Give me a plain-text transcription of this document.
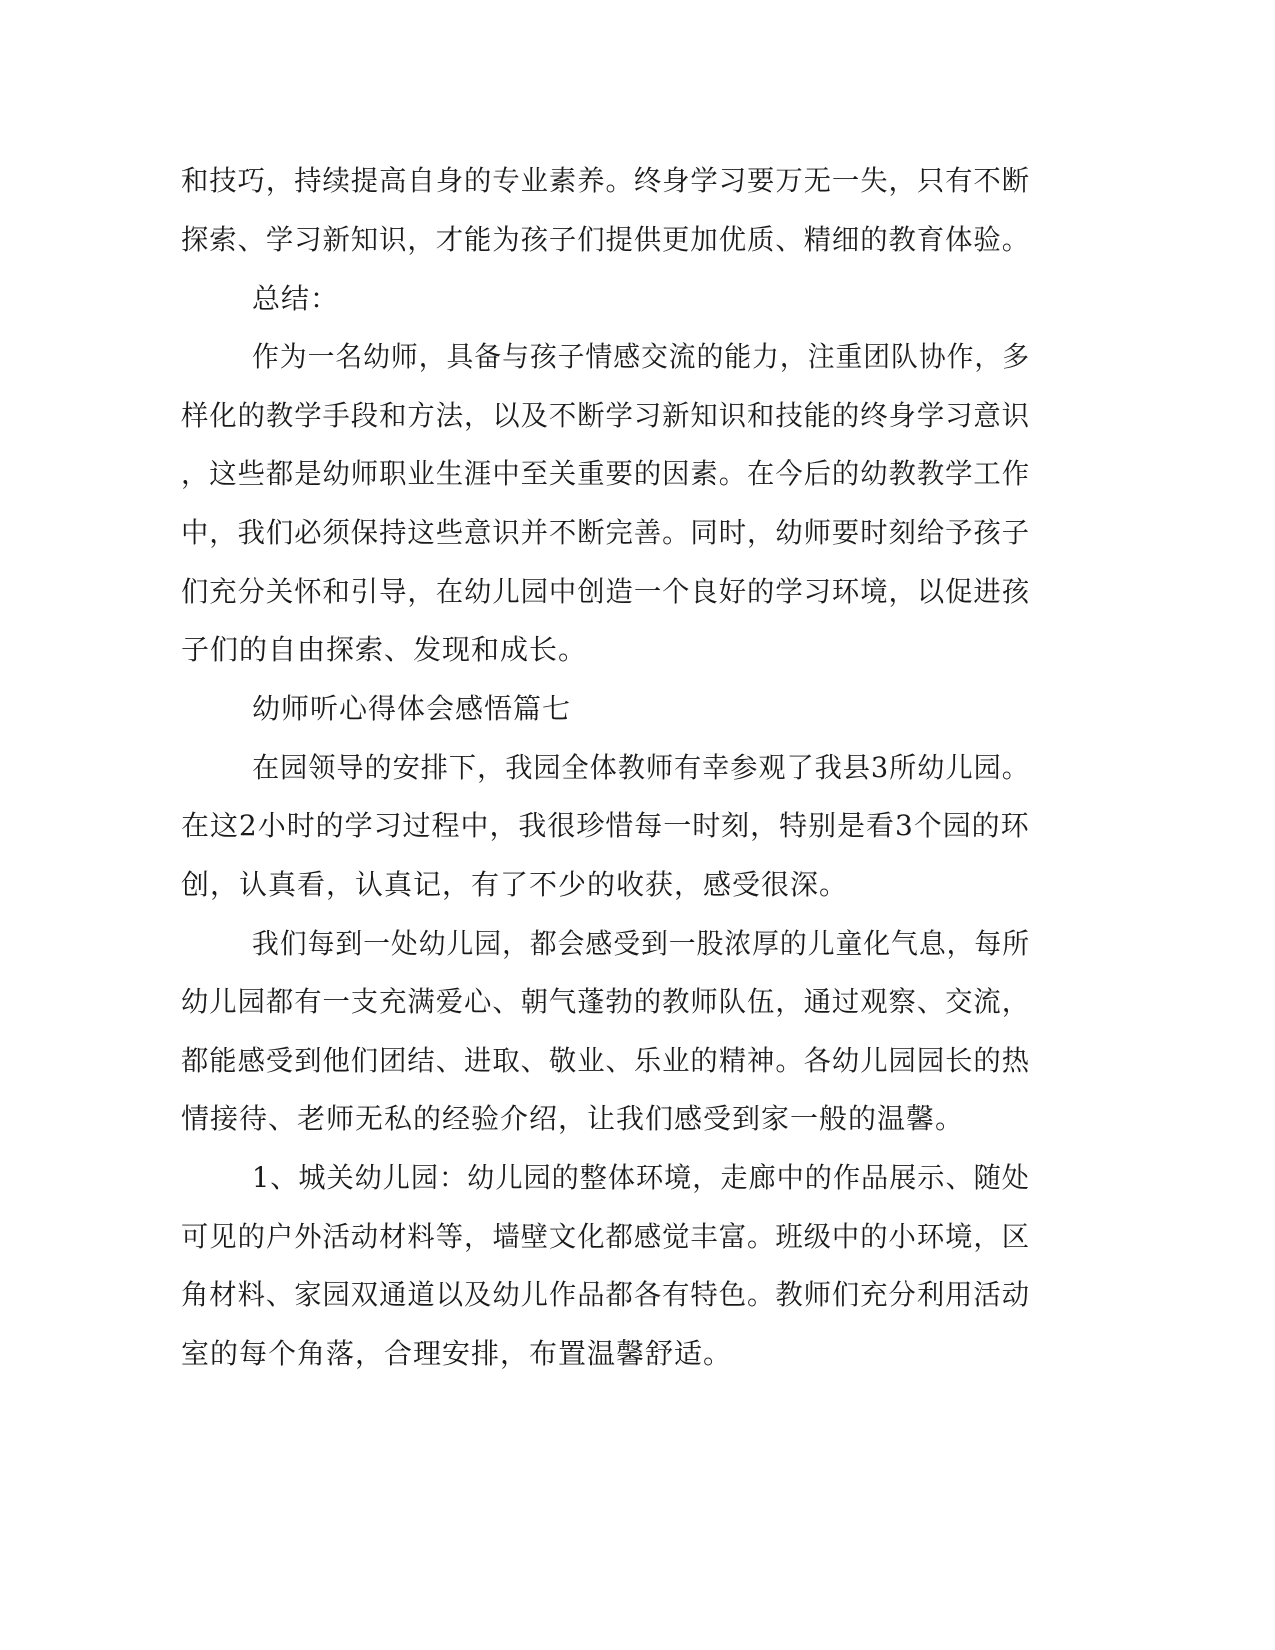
和技巧，持续提高自身的专业素养。终身学习要万无一失，只有不断
探索、学习新知识，才能为孩子们提供更加优质、精细的教育体验。
总结：
作为一名幼师，具备与孩子情感交流的能力，注重团队协作，多
样化的教学手段和方法，以及不断学习新知识和技能的终身学习意识
，这些都是幼师职业生涯中至关重要的因素。在今后的幼教教学工作
中，我们必须保持这些意识并不断完善。同时，幼师要时刻给予孩子
们充分关怀和引导，在幼儿园中创造一个良好的学习环境，以促进孩
子们的自由探索、发现和成长。
幼师听心得体会感悟篇七
在园领导的安排下，我园全体教师有幸参观了我县3所幼儿园。
在这2小时的学习过程中，我很珍惜每一时刻，特别是看3个园的环
创，认真看，认真记，有了不少的收获，感受很深。
我们每到一处幼儿园，都会感受到一股浓厚的儿童化气息，每所
幼儿园都有一支充满爱心、朝气蓬勃的教师队伍，通过观察、交流，
都能感受到他们团结、进取、敬业、乐业的精神。各幼儿园园长的热
情接待、老师无私的经验介绍，让我们感受到家一般的温馨。
1、城关幼儿园：幼儿园的整体环境，走廊中的作品展示、随处
可见的户外活动材料等，墙壁文化都感觉丰富。班级中的小环境，区
角材料、家园双通道以及幼儿作品都各有特色。教师们充分利用活动
室的每个角落，合理安排，布置温馨舒适。
